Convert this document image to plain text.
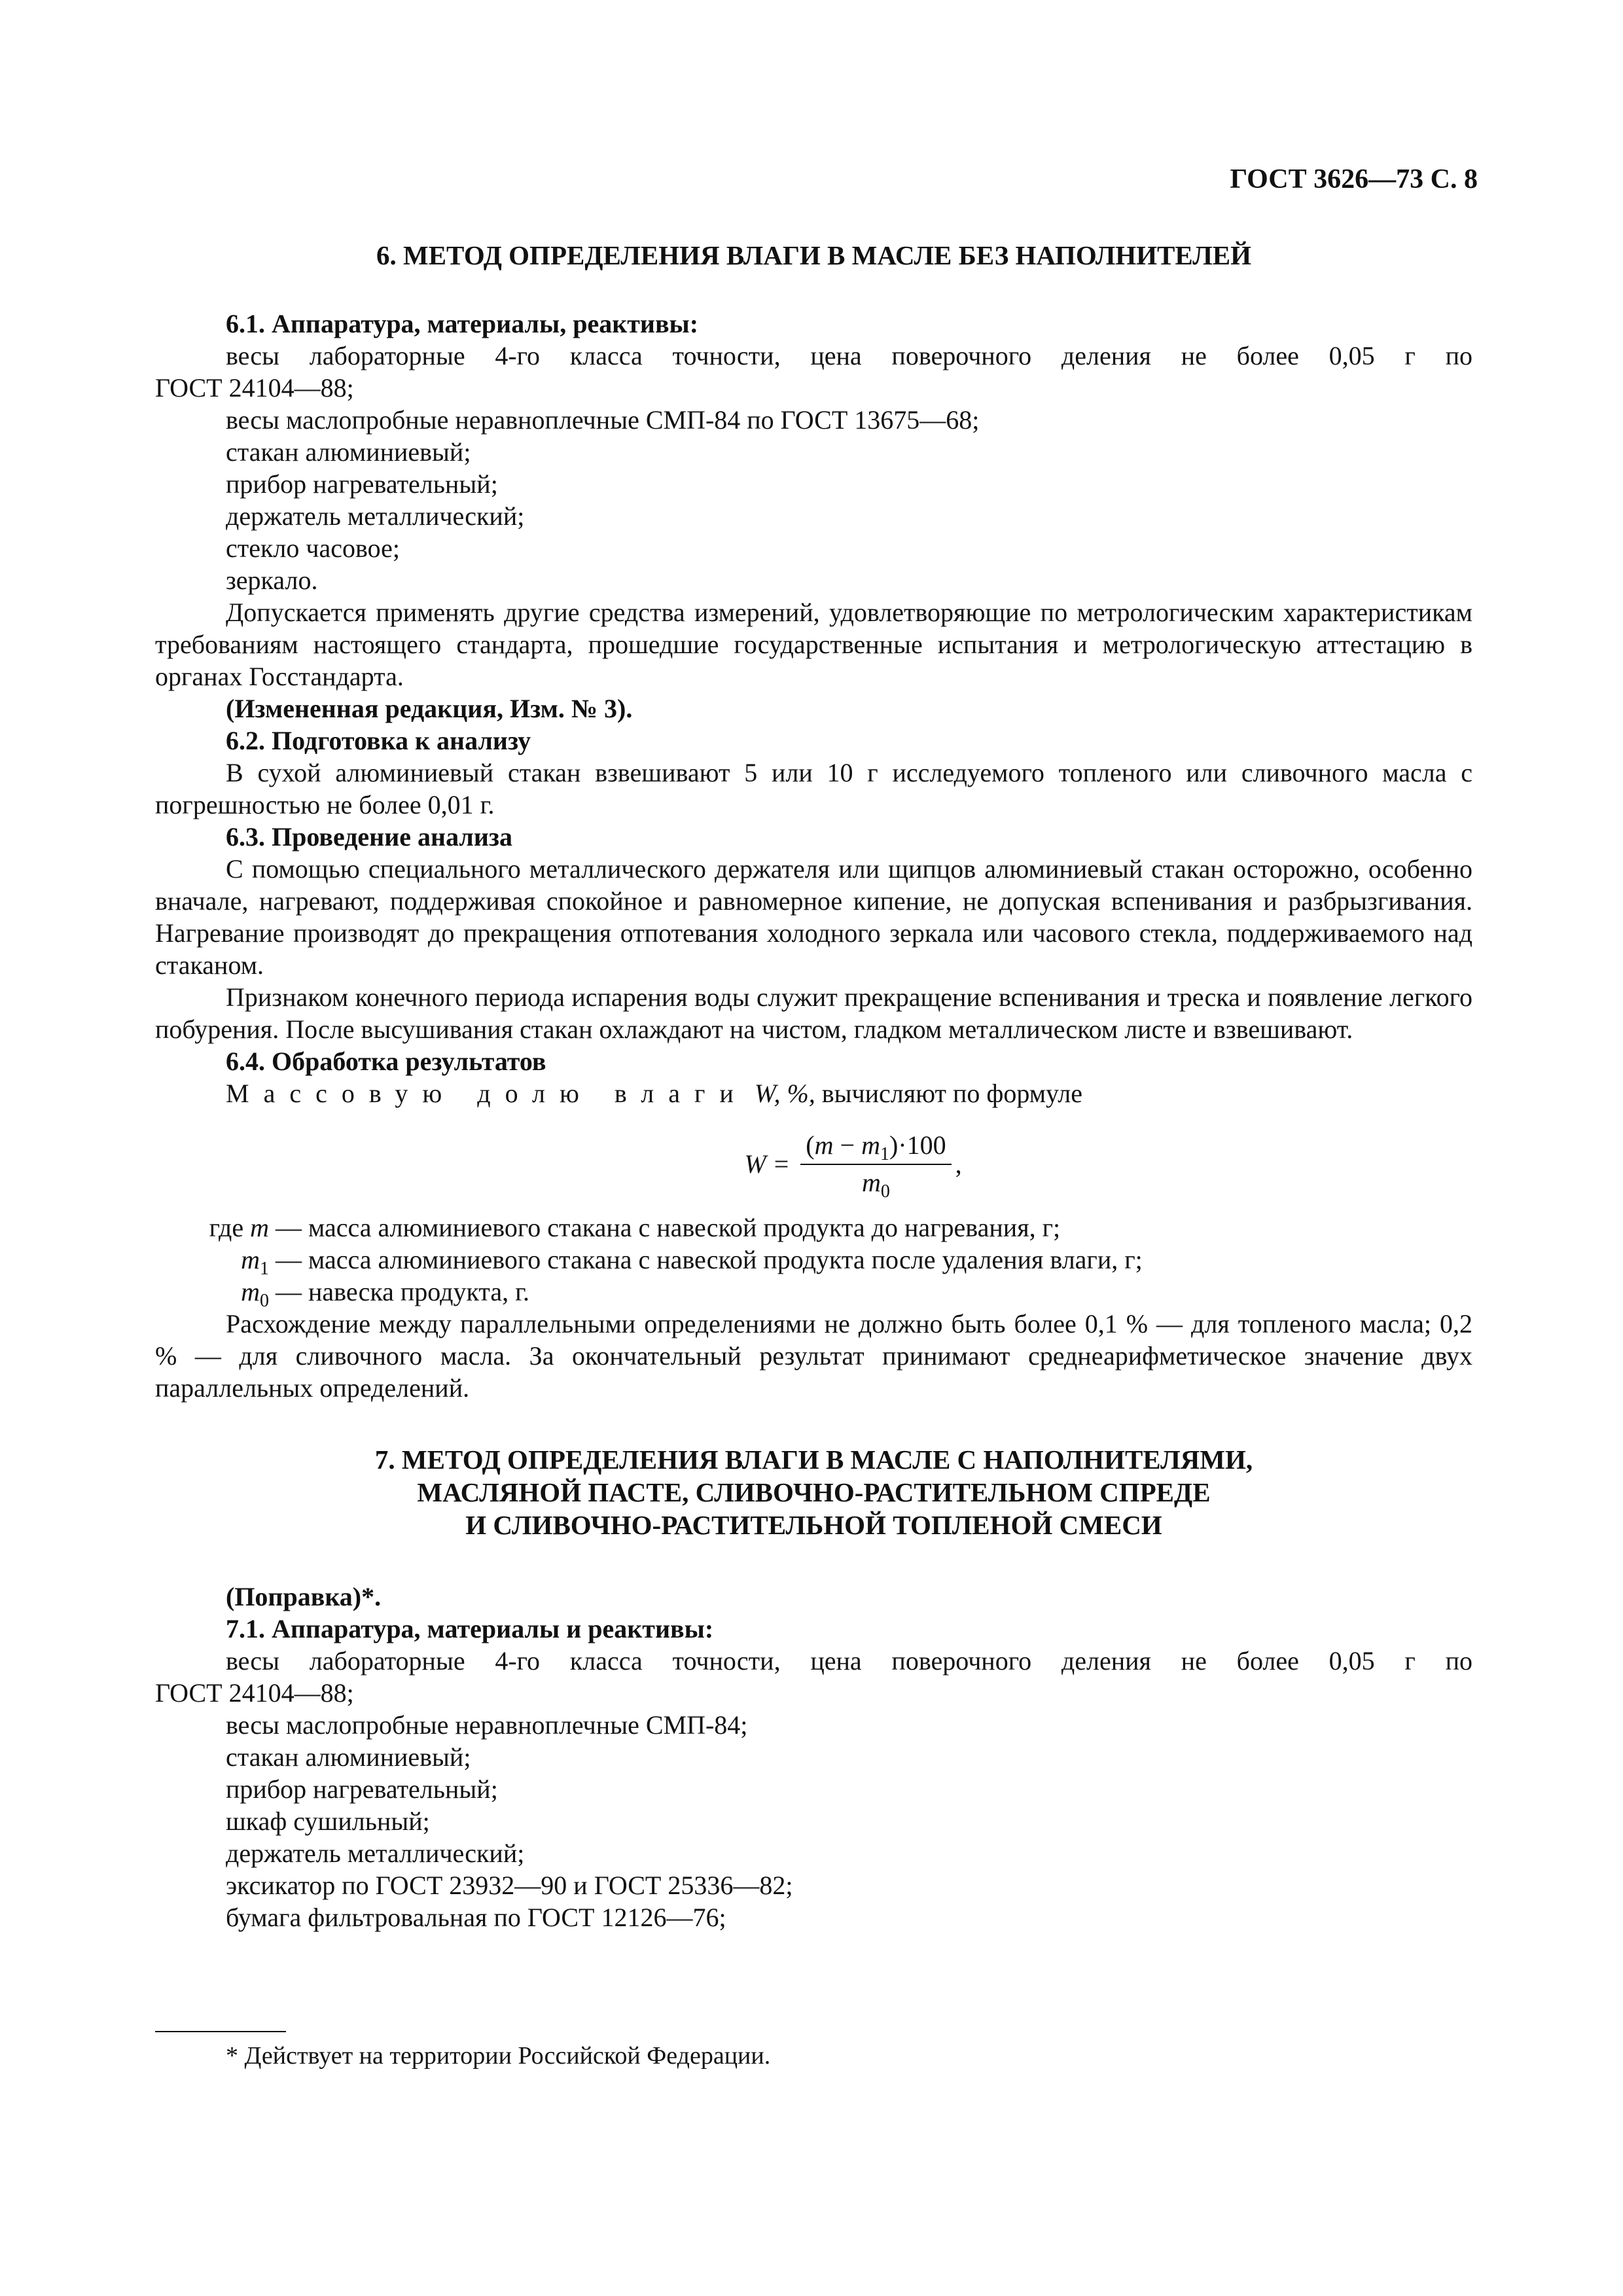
ГОСТ 3626—73 С. 8

6. МЕТОД ОПРЕДЕЛЕНИЯ ВЛАГИ В МАСЛЕ БЕЗ НАПОЛНИТЕЛЕЙ

6.1. Аппаратура, материалы, реактивы:

весы лабораторные 4-го класса точности, цена поверочного деления не более 0,05 г по

ГОСТ 24104—88;

весы маслопробные неравноплечные СМП-84 по ГОСТ 13675—68;

стакан алюминиевый;

прибор нагревательный;

держатель металлический;

стекло часовое;

зеркало.

Допускается применять другие средства измерений, удовлетворяющие по метрологическим характеристикам требованиям настоящего стандарта, прошедшие государственные испытания и метрологическую аттестацию в органах Госстандарта.

(Измененная редакция, Изм. № 3).

6.2. Подготовка к анализу

В сухой алюминиевый стакан взвешивают 5 или 10 г исследуемого топленого или сливочного масла с погрешностью не более 0,01 г.

6.3. Проведение анализа

С помощью специального металлического держателя или щипцов алюминиевый стакан осторожно, особенно вначале, нагревают, поддерживая спокойное и равномерное кипение, не допуская вспенивания и разбрызгивания. Нагревание производят до прекращения отпотевания холодного зеркала или часового стекла, поддерживаемого над стаканом.

Признаком конечного периода испарения воды служит прекращение вспенивания и треска и появление легкого побурения. После высушивания стакан охлаждают на чистом, гладком металлическом листе и взвешивают.

6.4. Обработка результатов

Массовую долю влаги W, %, вычисляют по формуле

$W = \frac{(m - m_1)\cdot 100}{m_0}$ ,
где m — масса алюминиевого стакана с навеской продукта до нагревания, г;
$m_1$ — масса алюминиевого стакана с навеской продукта после удаления влаги, г;
$m_0$ — навеска продукта, г.

Расхождение между параллельными определениями не должно быть более 0,1 % — для топленого масла; 0,2 % — для сливочного масла. За окончательный результат принимают среднеарифметическое значение двух параллельных определений.

7. МЕТОД ОПРЕДЕЛЕНИЯ ВЛАГИ В МАСЛЕ С НАПОЛНИТЕЛЯМИ,

МАСЛЯНОЙ ПАСТЕ, СЛИВОЧНО-РАСТИТЕЛЬНОМ СПРЕДЕ

И СЛИВОЧНО-РАСТИТЕЛЬНОЙ ТОПЛЕНОЙ СМЕСИ

(Поправка)*.

7.1. Аппаратура, материалы и реактивы:

весы лабораторные 4-го класса точности, цена поверочного деления не более 0,05 г по

ГОСТ 24104—88;

весы маслопробные неравноплечные СМП-84;

стакан алюминиевый;

прибор нагревательный;

шкаф сушильный;

держатель металлический;

эксикатор по ГОСТ 23932—90 и ГОСТ 25336—82;

бумага фильтровальная по ГОСТ 12126—76;

* Действует на территории Российской Федерации.
